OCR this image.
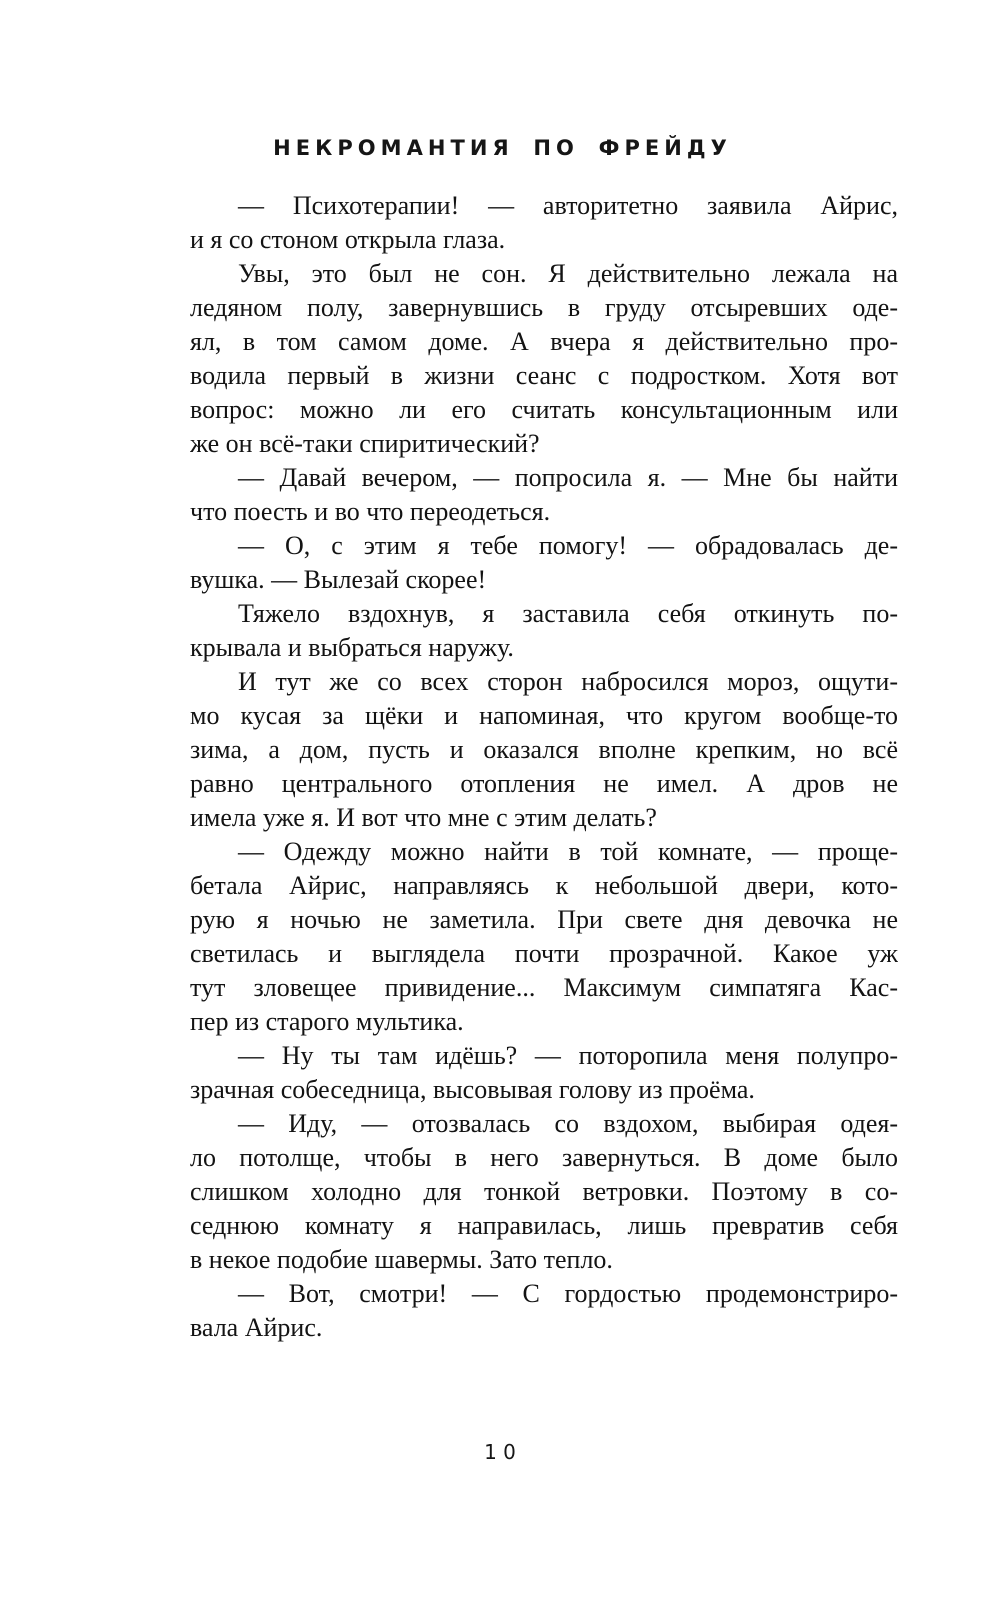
НЕКРОМАНТИЯ ПО ФРЕЙДУ
— Психотерапии! — авторитетно заявила Айрис,
и я со стоном открыла глаза.
Увы, это был не сон. Я действительно лежала на
ледяном полу, завернувшись в груду отсыревших оде-
ял, в том самом доме. А вчера я действительно про-
водила первый в жизни сеанс с подростком. Хотя вот
вопрос: можно ли его считать консультационным или
же он всё-таки спиритический?
— Давай вечером, — попросила я. — Мне бы найти
что поесть и во что переодеться.
— О, с этим я тебе помогу! — обрадовалась де-
вушка. — Вылезай скорее!
Тяжело вздохнув, я заставила себя откинуть по-
крывала и выбраться наружу.
И тут же со всех сторон набросился мороз, ощути-
мо кусая за щёки и напоминая, что кругом вообще-то
зима, а дом, пусть и оказался вполне крепким, но всё
равно центрального отопления не имел. А дров не
имела уже я. И вот что мне с этим делать?
— Одежду можно найти в той комнате, — проще-
бетала Айрис, направляясь к небольшой двери, кото-
рую я ночью не заметила. При свете дня девочка не
светилась и выглядела почти прозрачной. Какое уж
тут зловещее привидение... Максимум симпатяга Кас-
пер из старого мультика.
— Ну ты там идёшь? — поторопила меня полупро-
зрачная собеседница, высовывая голову из проёма.
— Иду, — отозвалась со вздохом, выбирая одея-
ло потолще, чтобы в него завернуться. В доме было
слишком холодно для тонкой ветровки. Поэтому в со-
седнюю комнату я направилась, лишь превратив себя
в некое подобие шавермы. Зато тепло.
— Вот, смотри! — С гордостью продемонстриро-
вала Айрис.
10
